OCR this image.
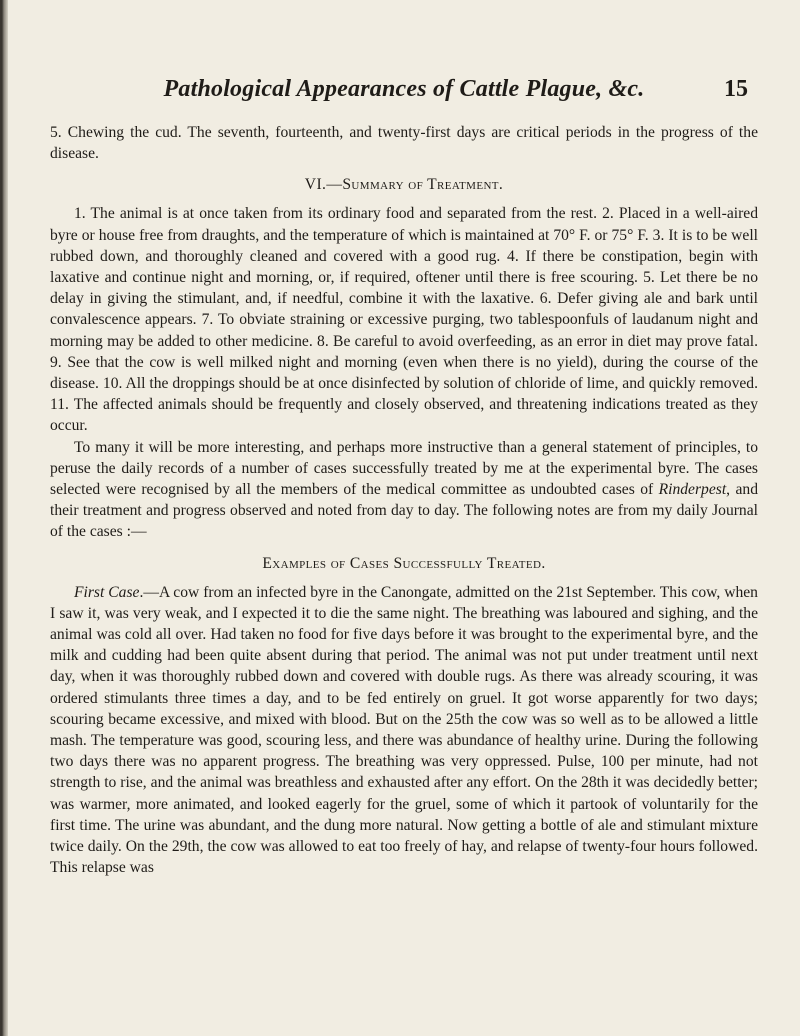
Pathological Appearances of Cattle Plague, &c.	15

5. Chewing the cud. The seventh, fourteenth, and twenty-first days are critical periods in the progress of the disease.

VI.—Summary of Treatment.

1. The animal is at once taken from its ordinary food and separated from the rest. 2. Placed in a well-aired byre or house free from draughts, and the temperature of which is maintained at 70° F. or 75° F. 3. It is to be well rubbed down, and thoroughly cleaned and covered with a good rug. 4. If there be constipation, begin with laxative and continue night and morning, or, if required, oftener until there is free scouring. 5. Let there be no delay in giving the stimulant, and, if needful, combine it with the laxative. 6. Defer giving ale and bark until convalescence appears. 7. To obviate straining or excessive purging, two tablespoonfuls of laudanum night and morning may be added to other medicine. 8. Be careful to avoid overfeeding, as an error in diet may prove fatal. 9. See that the cow is well milked night and morning (even when there is no yield), during the course of the disease. 10. All the droppings should be at once disinfected by solution of chloride of lime, and quickly removed. 11. The affected animals should be frequently and closely observed, and threatening indications treated as they occur.

To many it will be more interesting, and perhaps more instructive than a general statement of principles, to peruse the daily records of a number of cases successfully treated by me at the experimental byre. The cases selected were recognised by all the members of the medical committee as undoubted cases of Rinderpest, and their treatment and progress observed and noted from day to day. The following notes are from my daily Journal of the cases :—

Examples of Cases Successfully Treated.

First Case.—A cow from an infected byre in the Canongate, admitted on the 21st September. This cow, when I saw it, was very weak, and I expected it to die the same night. The breathing was laboured and sighing, and the animal was cold all over. Had taken no food for five days before it was brought to the experimental byre, and the milk and cudding had been quite absent during that period. The animal was not put under treatment until next day, when it was thoroughly rubbed down and covered with double rugs. As there was already scouring, it was ordered stimulants three times a day, and to be fed entirely on gruel. It got worse apparently for two days; scouring became excessive, and mixed with blood. But on the 25th the cow was so well as to be allowed a little mash. The temperature was good, scouring less, and there was abundance of healthy urine. During the following two days there was no apparent progress. The breathing was very oppressed. Pulse, 100 per minute, had not strength to rise, and the animal was breathless and exhausted after any effort. On the 28th it was decidedly better; was warmer, more animated, and looked eagerly for the gruel, some of which it partook of voluntarily for the first time. The urine was abundant, and the dung more natural. Now getting a bottle of ale and stimulant mixture twice daily. On the 29th, the cow was allowed to eat too freely of hay, and relapse of twenty-four hours followed. This relapse was
